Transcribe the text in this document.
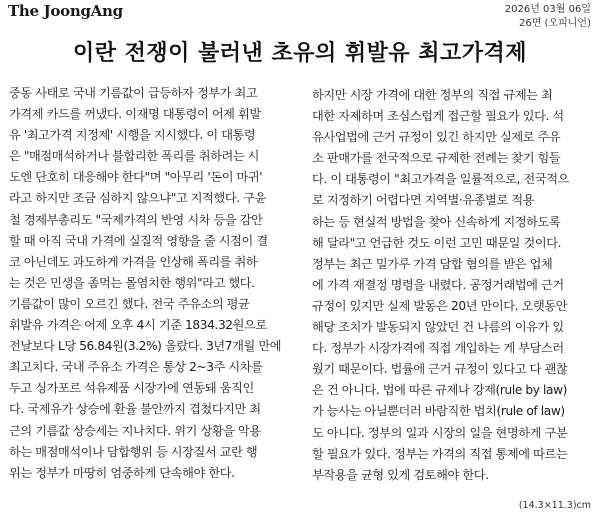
The JoongAng	2026년 03월 06일
26면 (오피니언)
이란 전쟁이 불러낸 초유의 휘발유 최고가격제
중동 사태로 국내 기름값이 급등하자 정부가 최고
가격제 카드를 꺼냈다. 이재명 대통령이 어제 휘발
유 '최고가격 지정제' 시행을 지시했다. 이 대통령
은 "매점매석하거나 불합리한 폭리를 취하려는 시
도엔 단호히 대응해야 한다"며 "아무리 '돈이 마귀'
라고 하지만 조금 심하지 않으냐"고 지적했다. 구윤
철 경제부총리도 "국제가격의 반영 시차 등을 감안
할 때 아직 국내 가격에 실질적 영향을 줄 시점이 결
코 아닌데도 과도하게 가격을 인상해 폭리를 취하
는 것은 민생을 좀먹는 몰염치한 행위"라고 했다.
기름값이 많이 오르긴 했다. 전국 주유소의 평균
휘발유 가격은 어제 오후 4시 기준 1834.32원으로
전날보다 L당 56.84원(3.2%) 올랐다. 3년7개월 만에
최고치다. 국내 주유소 가격은 통상 2~3주 시차를
두고 싱가포르 석유제품 시장가에 연동돼 움직인
다. 국제유가 상승에 환율 불안까지 겹쳤다지만 최
근의 기름값 상승세는 지나치다. 위기 상황을 악용
하는 매점매석이나 담합행위 등 시장질서 교란 행
위는 정부가 마땅히 엄중하게 단속해야 한다.
하지만 시장 가격에 대한 정부의 직접 규제는 최
대한 자제하며 조심스럽게 접근할 필요가 있다. 석
유사업법에 근거 규정이 있긴 하지만 실제로 주유
소 판매가를 전국적으로 규제한 전례는 찾기 힘들
다. 이 대통령이 "최고가격을 일률적으로, 전국적으
로 지정하기 어렵다면 지역별·유종별로 적용
하는 등 현실적 방법을 찾아 신속하게 지정하도록
해 달라"고 언급한 것도 이런 고민 때문일 것이다.
정부는 최근 밀가루 가격 담합 혐의를 받은 업체
에 가격 재결정 명령을 내렸다. 공정거래법에 근거
규정이 있지만 실제 발동은 20년 만이다. 오랫동안
해당 조치가 발동되지 않았던 건 나름의 이유가 있
다. 정부가 시장가격에 직접 개입하는 게 부담스러
웠기 때문이다. 법률에 근거 규정이 있다고 다 괜찮
은 건 아니다. 법에 따른 규제나 강제(rule by law)
가 능사는 아닐뿐더러 바람직한 법치(rule of law)
도 아니다. 정부의 일과 시장의 일을 현명하게 구분
할 필요가 있다. 정부는 가격의 직접 통제에 따르는
부작용을 균형 있게 검토해야 한다.
(14.3×11.3)cm
